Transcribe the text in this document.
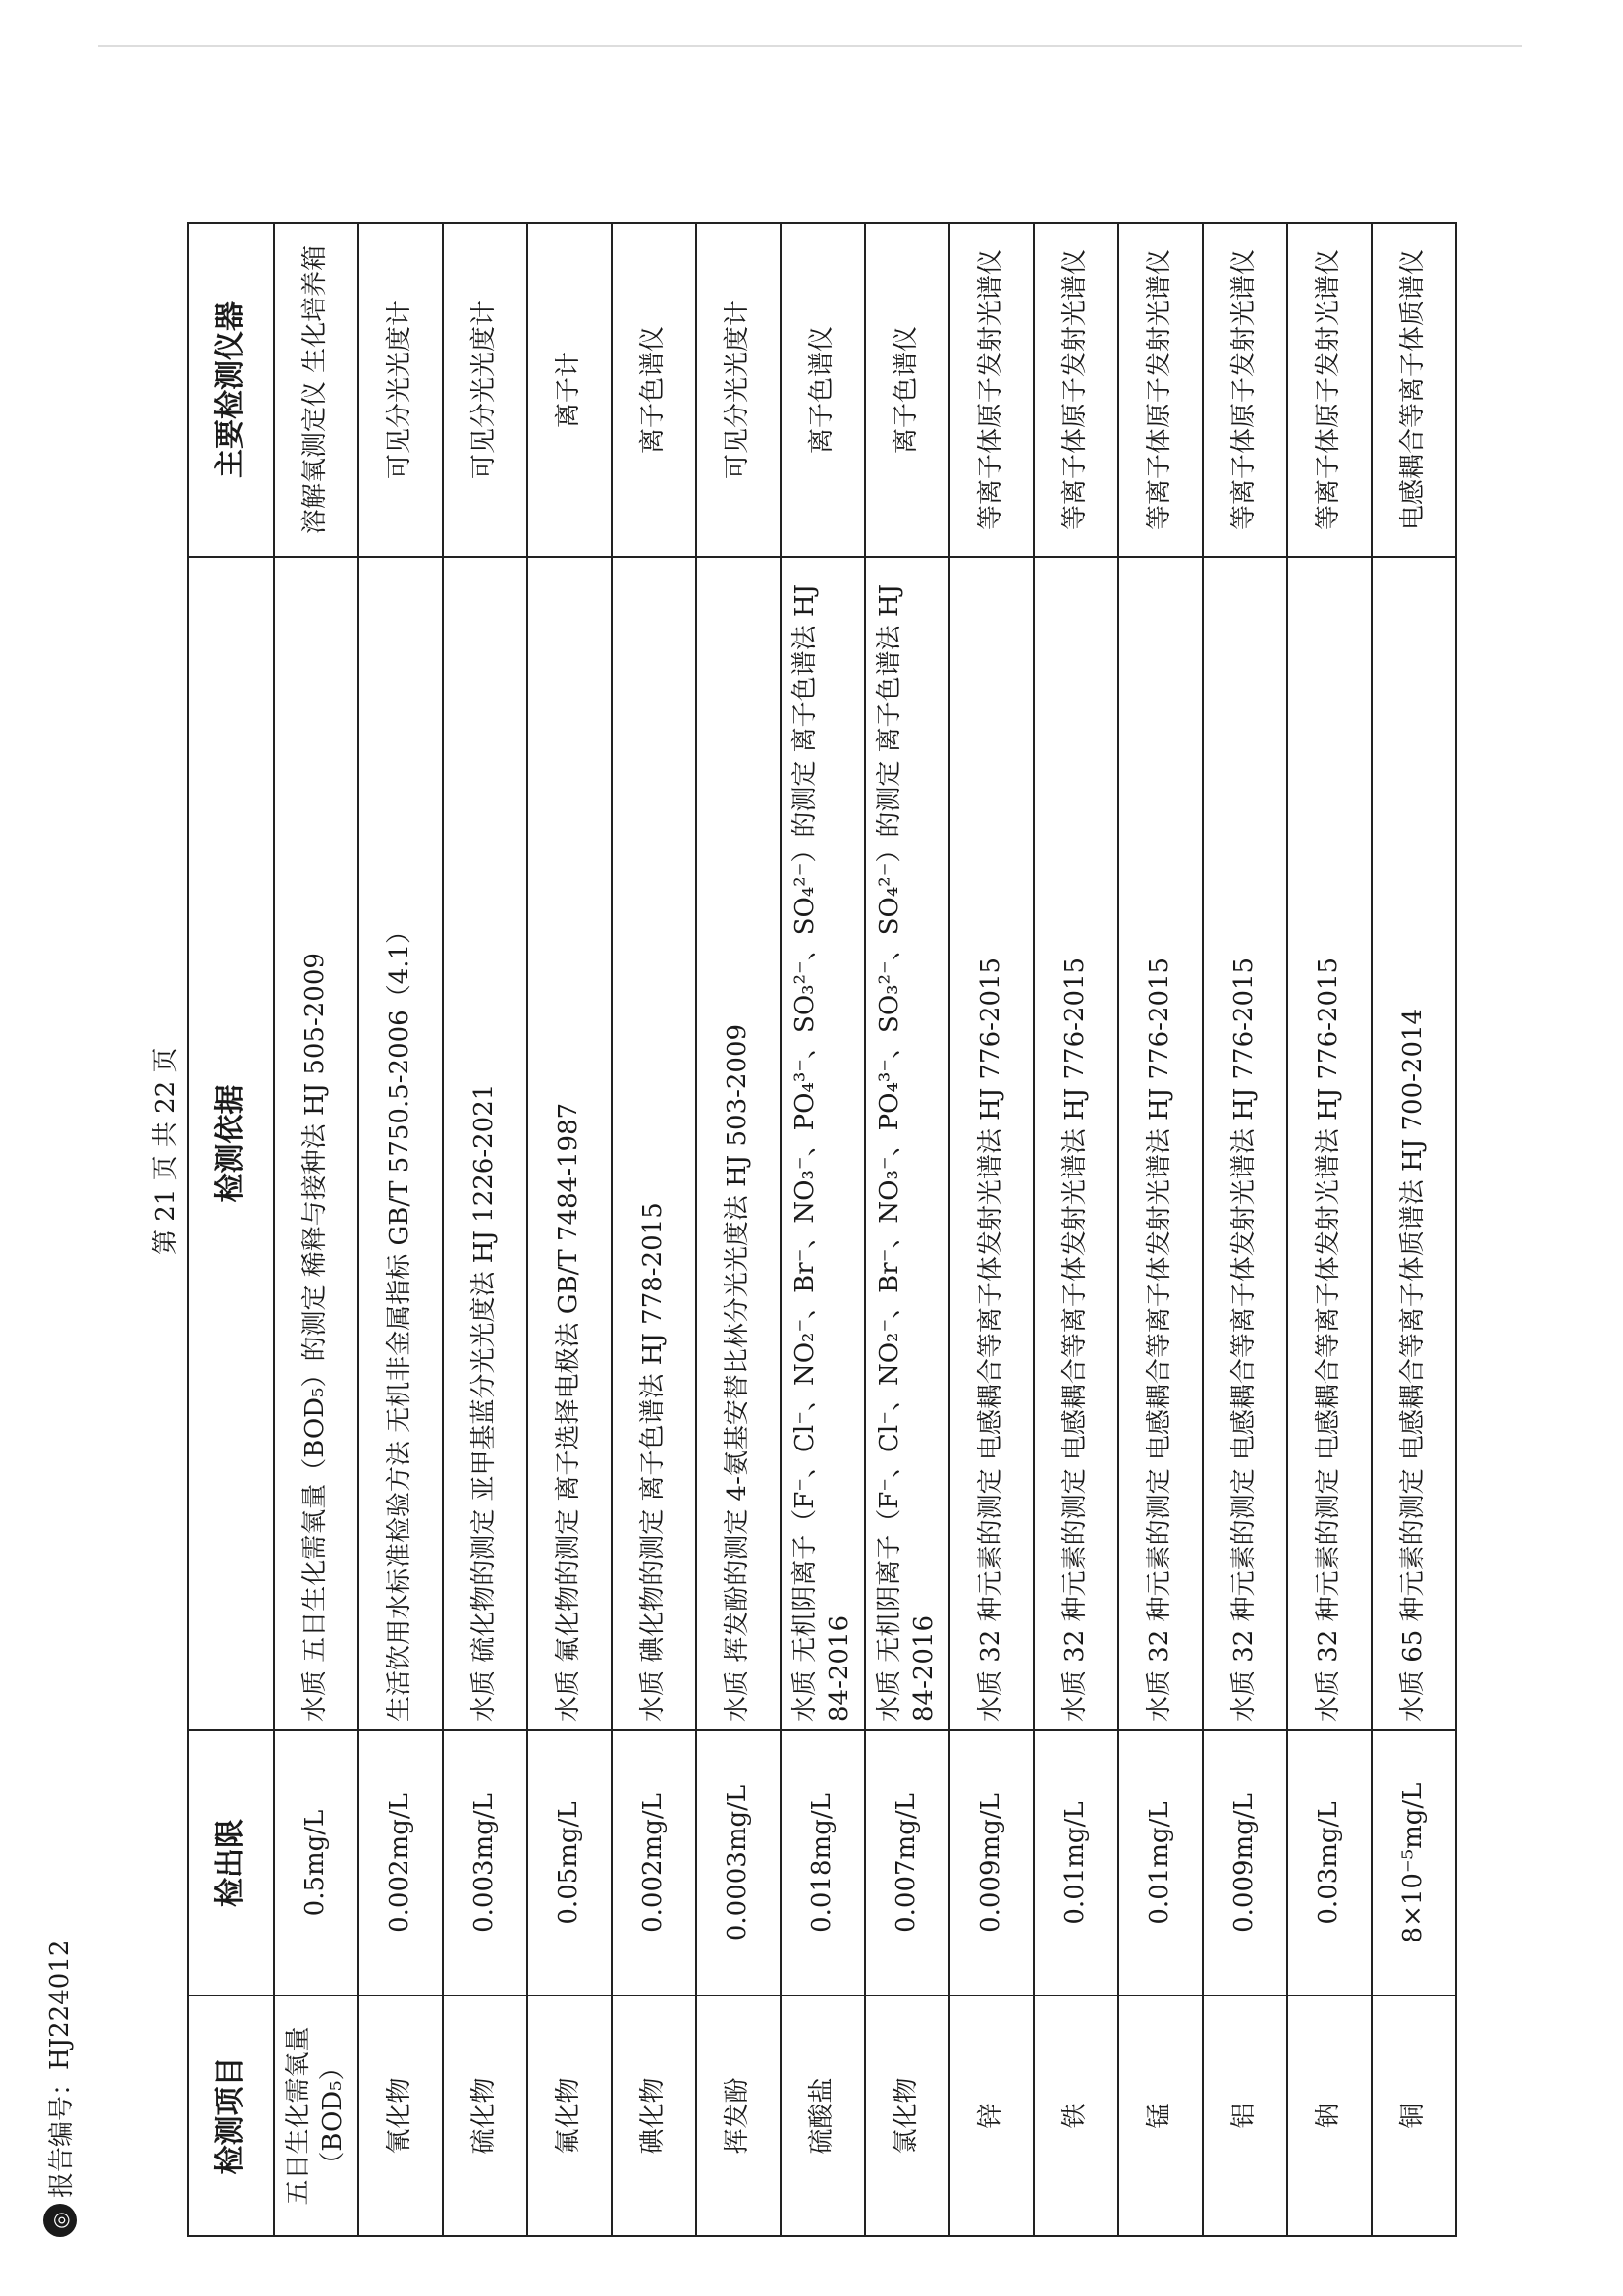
◎
报告编号：
HJ224012
第 21 页 共 22 页
检测项目	检出限	检测依据	主要检测仪器
五日生化需氧量（BOD₅）	0.5mg/L	水质 五日生化需氧量（BOD₅）的测定 稀释与接种法 HJ 505-2009	溶解氧测定仪 生化培养箱
氰化物	0.002mg/L	生活饮用水标准检验方法 无机非金属指标 GB/T 5750.5-2006（4.1）	可见分光光度计
硫化物	0.003mg/L	水质 硫化物的测定 亚甲基蓝分光光度法 HJ 1226-2021	可见分光光度计
氟化物	0.05mg/L	水质 氟化物的测定 离子选择电极法 GB/T 7484-1987	离子计
碘化物	0.002mg/L	水质 碘化物的测定 离子色谱法 HJ 778-2015	离子色谱仪
挥发酚	0.0003mg/L	水质 挥发酚的测定 4-氨基安替比林分光光度法 HJ 503-2009	可见分光光度计
硫酸盐	0.018mg/L	水质 无机阴离子（F⁻、Cl⁻、NO₂⁻、Br⁻、NO₃⁻、PO₄³⁻、SO₃²⁻、SO₄²⁻）的测定 离子色谱法 HJ 84-2016	离子色谱仪
氯化物	0.007mg/L	水质 无机阴离子（F⁻、Cl⁻、NO₂⁻、Br⁻、NO₃⁻、PO₄³⁻、SO₃²⁻、SO₄²⁻）的测定 离子色谱法 HJ 84-2016	离子色谱仪
锌	0.009mg/L	水质 32 种元素的测定 电感耦合等离子体发射光谱法 HJ 776-2015	等离子体原子发射光谱仪
铁	0.01mg/L	水质 32 种元素的测定 电感耦合等离子体发射光谱法 HJ 776-2015	等离子体原子发射光谱仪
锰	0.01mg/L	水质 32 种元素的测定 电感耦合等离子体发射光谱法 HJ 776-2015	等离子体原子发射光谱仪
铝	0.009mg/L	水质 32 种元素的测定 电感耦合等离子体发射光谱法 HJ 776-2015	等离子体原子发射光谱仪
钠	0.03mg/L	水质 32 种元素的测定 电感耦合等离子体发射光谱法 HJ 776-2015	等离子体原子发射光谱仪
铜	8×10⁻⁵mg/L	水质 65 种元素的测定 电感耦合等离子体质谱法 HJ 700-2014	电感耦合等离子体质谱仪
